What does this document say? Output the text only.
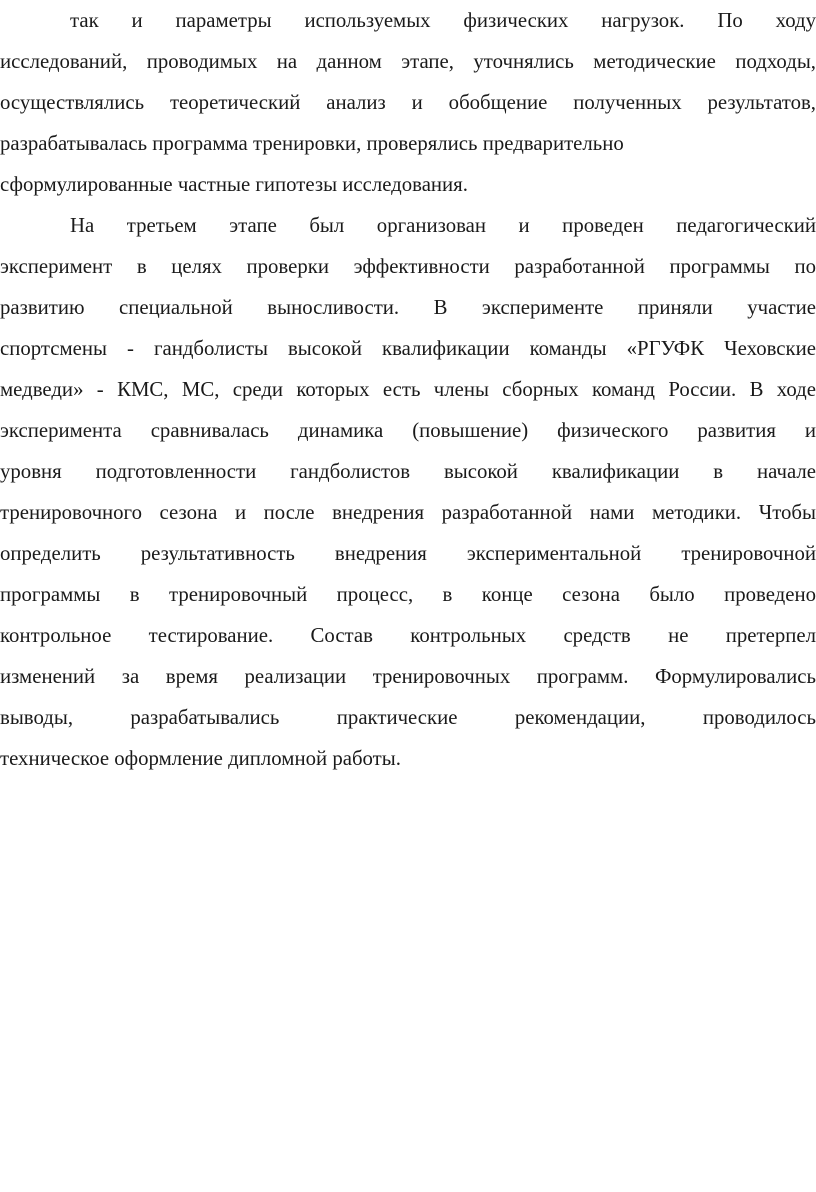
так и параметры используемых физических нагрузок. По ходу
исследований, проводимых на данном этапе, уточнялись методические подходы,
осуществлялись теоретический анализ и обобщение полученных результатов,
разрабатывалась программа тренировки, проверялись предварительно
сформулированные частные гипотезы исследования.
На третьем этапе был организован и проведен педагогический
эксперимент в целях проверки эффективности разработанной программы по
развитию специальной выносливости. В эксперименте приняли участие
спортсмены - гандболисты высокой квалификации команды «РГУФК Чеховские
медведи» - КМС, МС, среди которых есть члены сборных команд России. В ходе
эксперимента сравнивалась динамика (повышение) физического развития и
уровня подготовленности гандболистов высокой квалификации в начале
тренировочного сезона и после внедрения разработанной нами методики. Чтобы
определить результативность внедрения экспериментальной тренировочной
программы в тренировочный процесс, в конце сезона было проведено
контрольное тестирование. Состав контрольных средств не претерпел
изменений за время реализации тренировочных программ. Формулировались
выводы, разрабатывались практические рекомендации, проводилось
техническое оформление дипломной работы.
